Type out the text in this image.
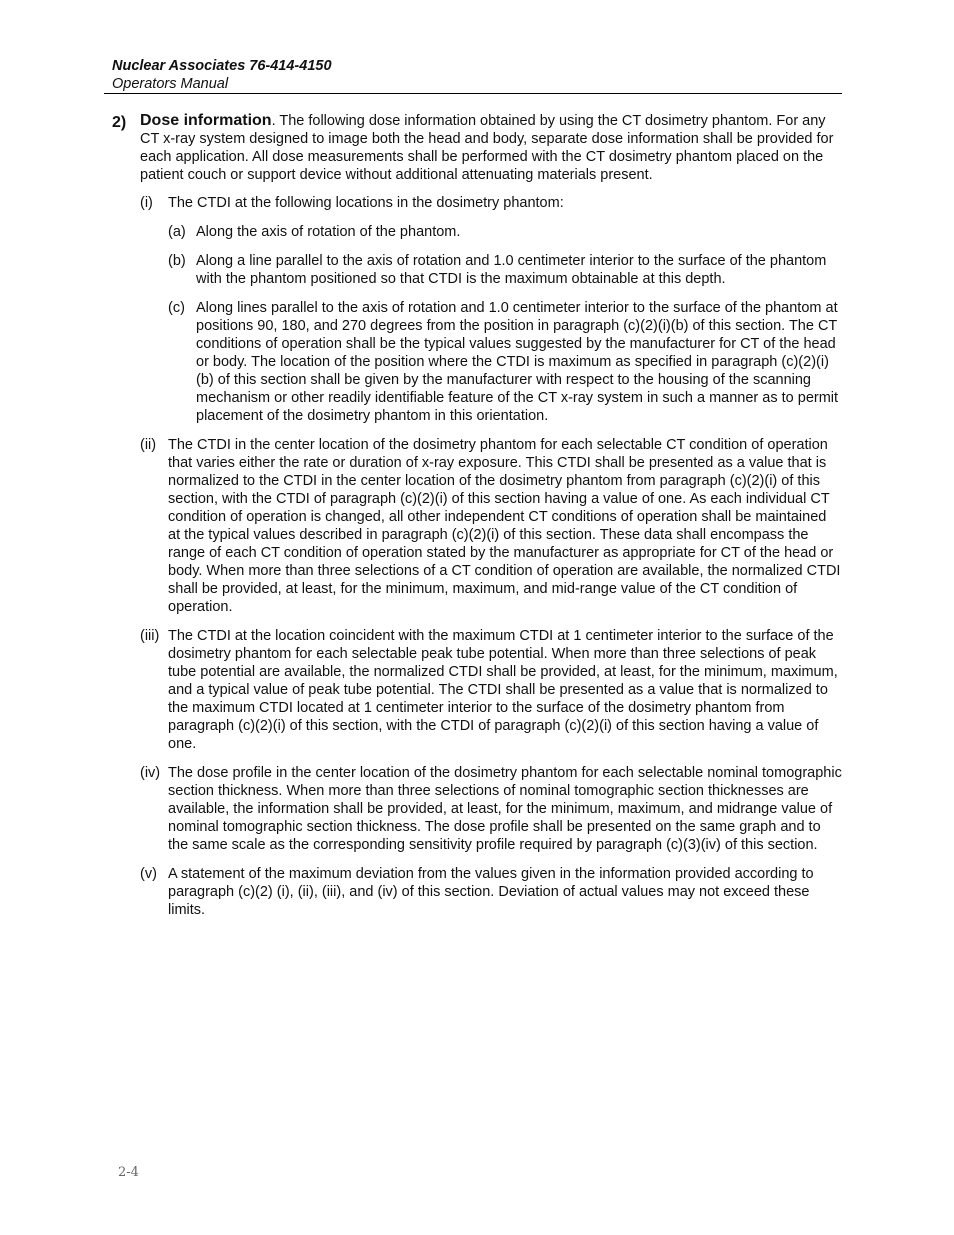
Nuclear Associates 76-414-4150
Operators Manual
2) Dose information. The following dose information obtained by using the CT dosimetry phantom. For any CT x-ray system designed to image both the head and body, separate dose information shall be provided for each application. All dose measurements shall be performed with the CT dosimetry phantom placed on the patient couch or support device without additional attenuating materials present.
(i)	The CTDI at the following locations in the dosimetry phantom:
(a) Along the axis of rotation of the phantom.
(b) Along a line parallel to the axis of rotation and 1.0 centimeter interior to the surface of the phantom with the phantom positioned so that CTDI is the maximum obtainable at this depth.
(c) Along lines parallel to the axis of rotation and 1.0 centimeter interior to the surface of the phantom at positions 90, 180, and 270 degrees from the position in paragraph (c)(2)(i)(b) of this section. The CT conditions of operation shall be the typical values suggested by the manufacturer for CT of the head or body. The location of the position where the CTDI is maximum as specified in paragraph (c)(2)(i)(b) of this section shall be given by the manufacturer with respect to the housing of the scanning mechanism or other readily identifiable feature of the CT x-ray system in such a manner as to permit placement of the dosimetry phantom in this orientation.
(ii) The CTDI in the center location of the dosimetry phantom for each selectable CT condition of operation that varies either the rate or duration of x-ray exposure. This CTDI shall be presented as a value that is normalized to the CTDI in the center location of the dosimetry phantom from paragraph (c)(2)(i) of this section, with the CTDI of paragraph (c)(2)(i) of this section having a value of one. As each individual CT condition of operation is changed, all other independent CT conditions of operation shall be maintained at the typical values described in paragraph (c)(2)(i) of this section. These data shall encompass the range of each CT condition of operation stated by the manufacturer as appropriate for CT of the head or body. When more than three selections of a CT condition of operation are available, the normalized CTDI shall be provided, at least, for the minimum, maximum, and mid-range value of the CT condition of operation.
(iii) The CTDI at the location coincident with the maximum CTDI at 1 centimeter interior to the surface of the dosimetry phantom for each selectable peak tube potential. When more than three selections of peak tube potential are available, the normalized CTDI shall be provided, at least, for the minimum, maximum, and a typical value of peak tube potential. The CTDI shall be presented as a value that is normalized to the maximum CTDI located at 1 centimeter interior to the surface of the dosimetry phantom from paragraph (c)(2)(i) of this section, with the CTDI of paragraph (c)(2)(i) of this section having a value of one.
(iv) The dose profile in the center location of the dosimetry phantom for each selectable nominal tomographic section thickness. When more than three selections of nominal tomographic section thicknesses are available, the information shall be provided, at least, for the minimum, maximum, and midrange value of nominal tomographic section thickness. The dose profile shall be presented on the same graph and to the same scale as the corresponding sensitivity profile required by paragraph (c)(3)(iv) of this section.
(v) A statement of the maximum deviation from the values given in the information provided according to paragraph (c)(2) (i), (ii), (iii), and (iv) of this section. Deviation of actual values may not exceed these limits.
2-4
